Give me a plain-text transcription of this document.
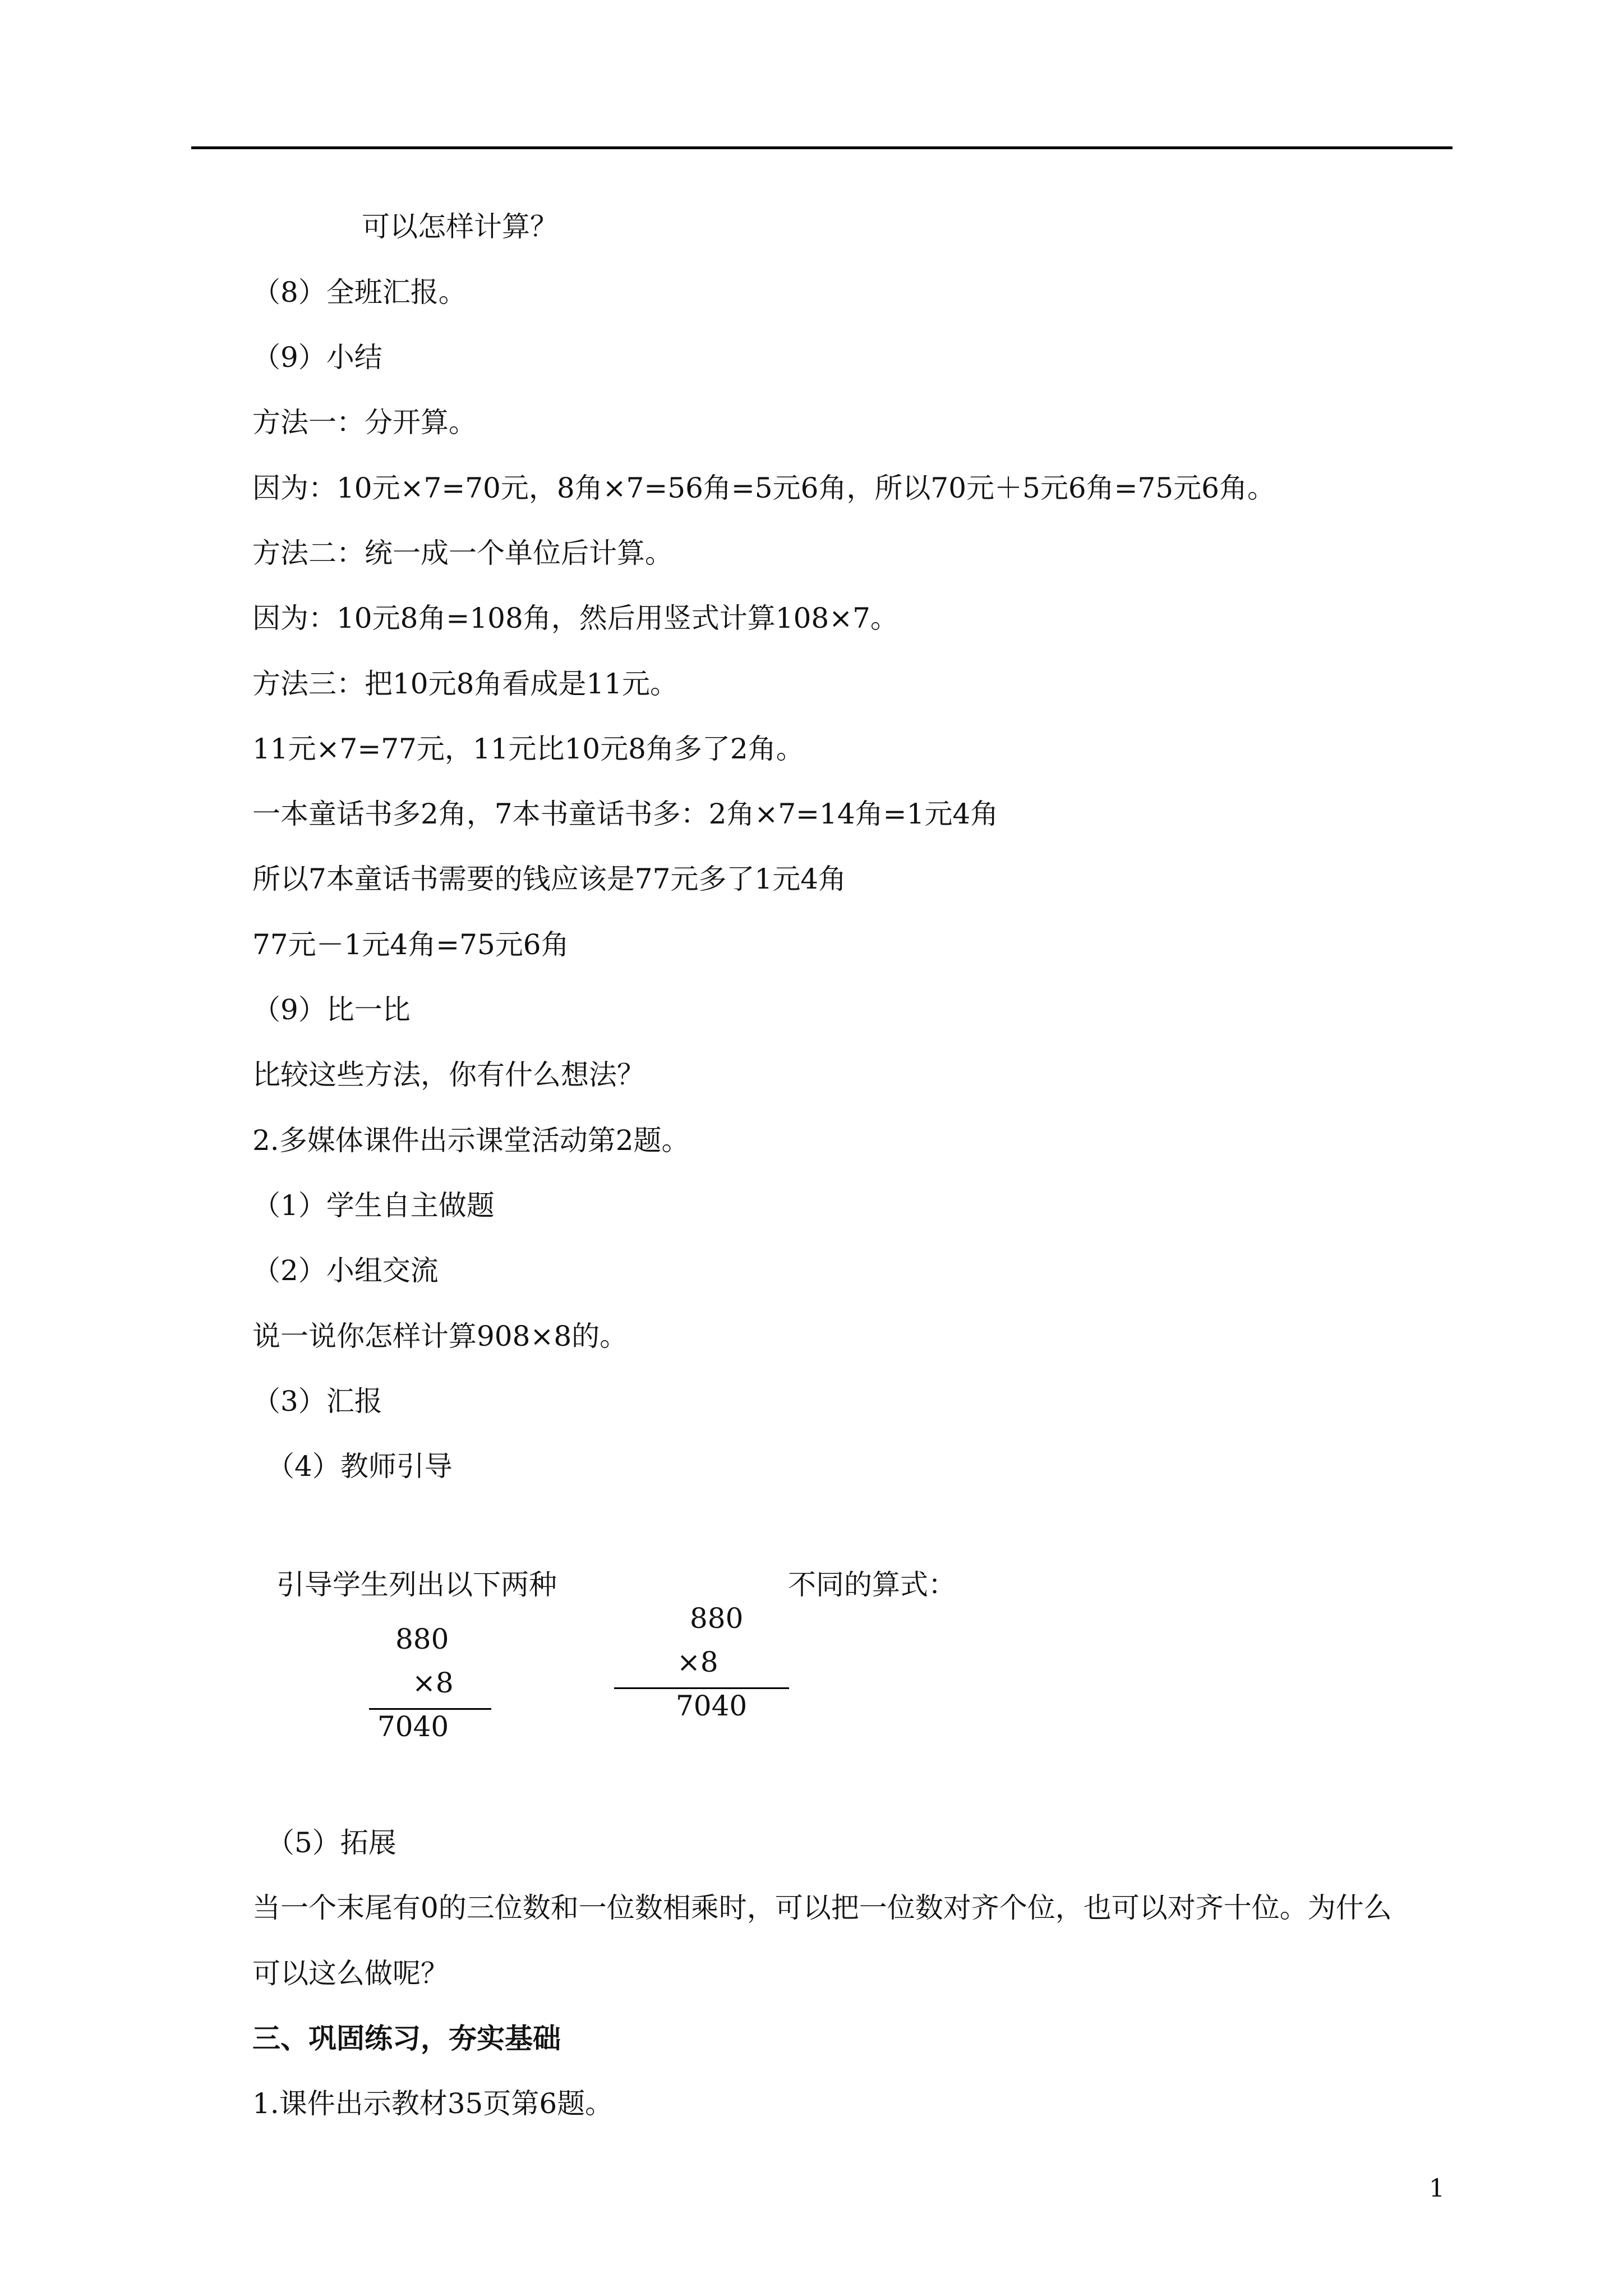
可以怎样计算？
（8）全班汇报。
（9）小结
方法一：分开算。
因为：10元×7=70元，8角×7=56角=5元6角，所以70元＋5元6角=75元6角。
方法二：统一成一个单位后计算。
因为：10元8角=108角，然后用竖式计算108×7。
方法三：把10元8角看成是11元。
11元×7=77元，11元比10元8角多了2角。
一本童话书多2角，7本书童话书多：2角×7=14角=1元4角
所以7本童话书需要的钱应该是77元多了1元4角
77元－1元4角=75元6角
（9）比一比
比较这些方法，你有什么想法？
2.多媒体课件出示课堂活动第2题。
（1）学生自主做题
（2）小组交流
说一说你怎样计算908×8的。
（3）汇报
（4）教师引导
引导学生列出以下两种	不同的算式：
880
×8
7040
880
×8
7040
（5）拓展
当一个末尾有0的三位数和一位数相乘时，可以把一位数对齐个位，也可以对齐十位。为什么
可以这么做呢？
三、巩固练习，夯实基础
1.课件出示教材35页第6题。
1
